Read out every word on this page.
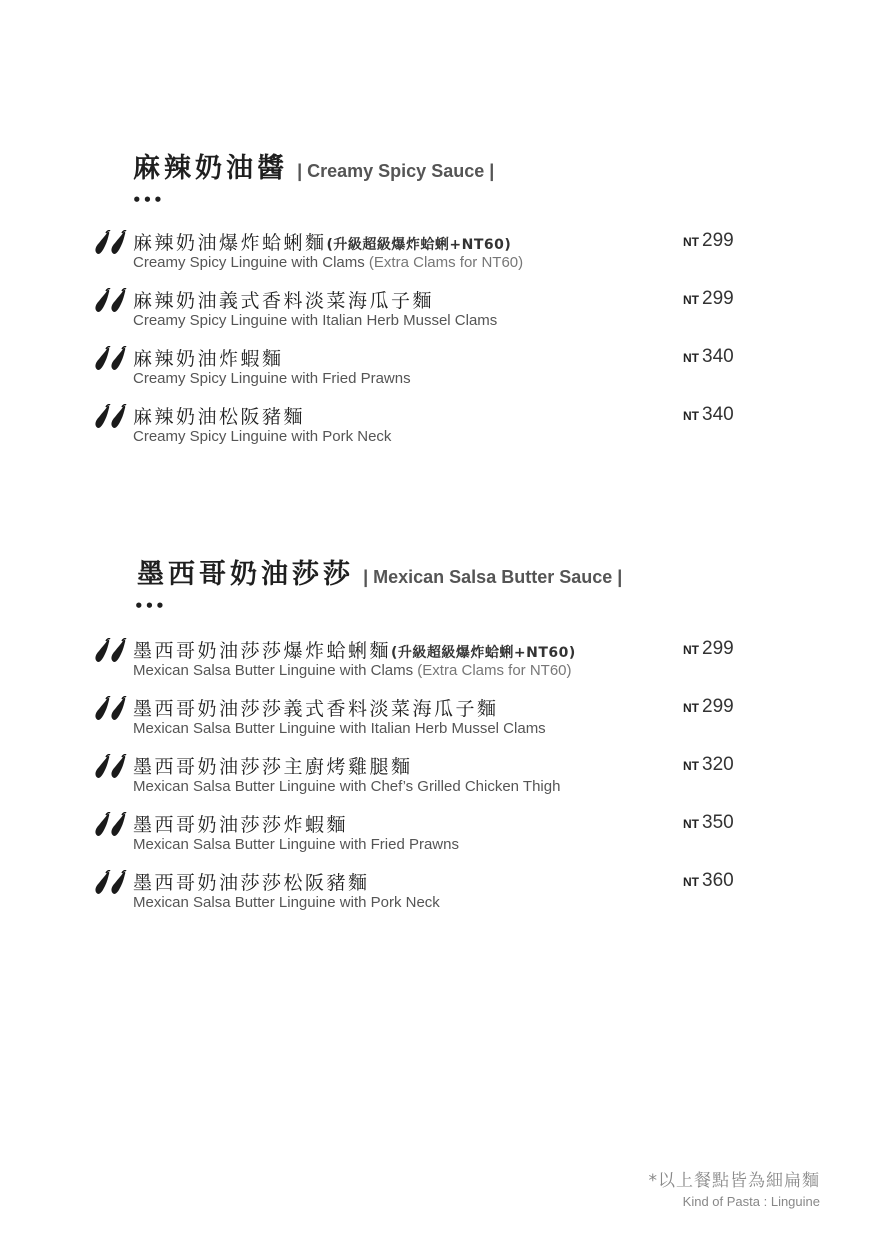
麻辣奶油醬 | Creamy Spicy Sauce |
•••
麻辣奶油爆炸蛤蜊麵(升級超級爆炸蛤蜊+NT60)
Creamy Spicy Linguine with Clams (Extra Clams for NT60)
NT 299
麻辣奶油義式香料淡菜海瓜子麵
Creamy Spicy Linguine with Italian Herb Mussel Clams
NT 299
麻辣奶油炸蝦麵
Creamy Spicy Linguine with Fried Prawns
NT 340
麻辣奶油松阪豬麵
Creamy Spicy Linguine with Pork Neck
NT 340
墨西哥奶油莎莎 | Mexican Salsa Butter Sauce |
•••
墨西哥奶油莎莎爆炸蛤蜊麵(升級超級爆炸蛤蜊+NT60)
Mexican Salsa Butter Linguine with Clams (Extra Clams for NT60)
NT 299
墨西哥奶油莎莎義式香料淡菜海瓜子麵
Mexican Salsa Butter Linguine with Italian Herb Mussel Clams
NT 299
墨西哥奶油莎莎主廚烤雞腿麵
Mexican Salsa Butter Linguine with Chef’s Grilled Chicken Thigh
NT 320
墨西哥奶油莎莎炸蝦麵
Mexican Salsa Butter Linguine with Fried Prawns
NT 350
墨西哥奶油莎莎松阪豬麵
Mexican Salsa Butter Linguine with Pork Neck
NT 360
*以上餐點皆為細扁麵
Kind of Pasta : Linguine
